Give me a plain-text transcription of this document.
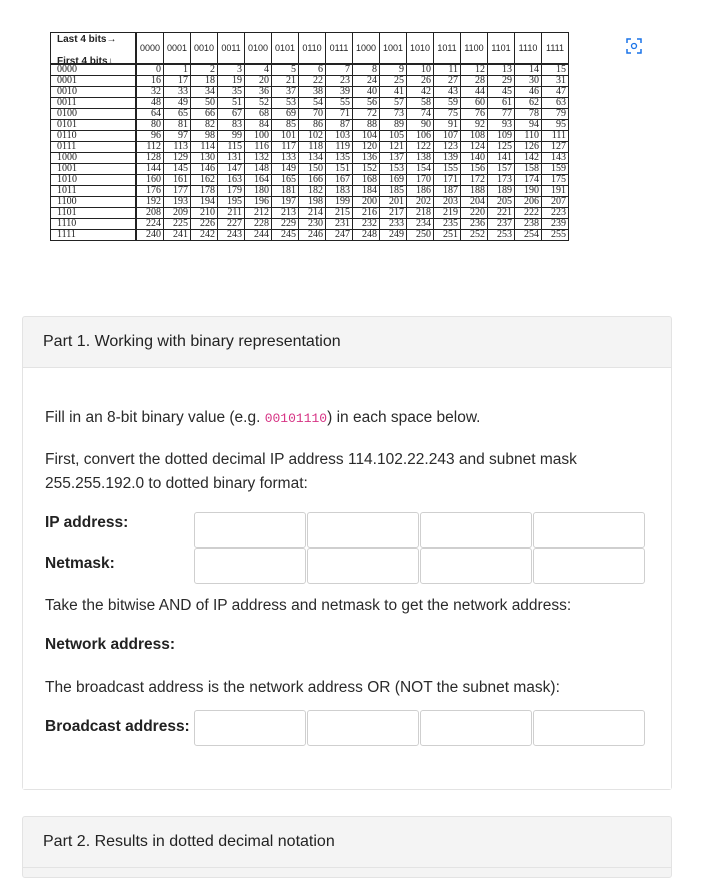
Last 4 bits→
First 4 bits↓	0000	0001	0010	0011	0100	0101	0110	0111	1000	1001	1010	1011	1100	1101	1110	1111
0000	0	1	2	3	4	5	6	7	8	9	10	11	12	13	14	15
0001	16	17	18	19	20	21	22	23	24	25	26	27	28	29	30	31
0010	32	33	34	35	36	37	38	39	40	41	42	43	44	45	46	47
0011	48	49	50	51	52	53	54	55	56	57	58	59	60	61	62	63
0100	64	65	66	67	68	69	70	71	72	73	74	75	76	77	78	79
0101	80	81	82	83	84	85	86	87	88	89	90	91	92	93	94	95
0110	96	97	98	99	100	101	102	103	104	105	106	107	108	109	110	111
0111	112	113	114	115	116	117	118	119	120	121	122	123	124	125	126	127
1000	128	129	130	131	132	133	134	135	136	137	138	139	140	141	142	143
1001	144	145	146	147	148	149	150	151	152	153	154	155	156	157	158	159
1010	160	161	162	163	164	165	166	167	168	169	170	171	172	173	174	175
1011	176	177	178	179	180	181	182	183	184	185	186	187	188	189	190	191
1100	192	193	194	195	196	197	198	199	200	201	202	203	204	205	206	207
1101	208	209	210	211	212	213	214	215	216	217	218	219	220	221	222	223
1110	224	225	226	227	228	229	230	231	232	233	234	235	236	237	238	239
1111	240	241	242	243	244	245	246	247	248	249	250	251	252	253	254	255
Part 1. Working with binary representation
Fill in an 8-bit binary value (e.g. 00101110) in each space below.
First, convert the dotted decimal IP address 114.102.22.243 and subnet mask 255.255.192.0 to dotted binary format:
IP address:
Netmask:
Take the bitwise AND of IP address and netmask to get the network address:
Network address:
The broadcast address is the network address OR (NOT the subnet mask):
Broadcast address:
Part 2. Results in dotted decimal notation
